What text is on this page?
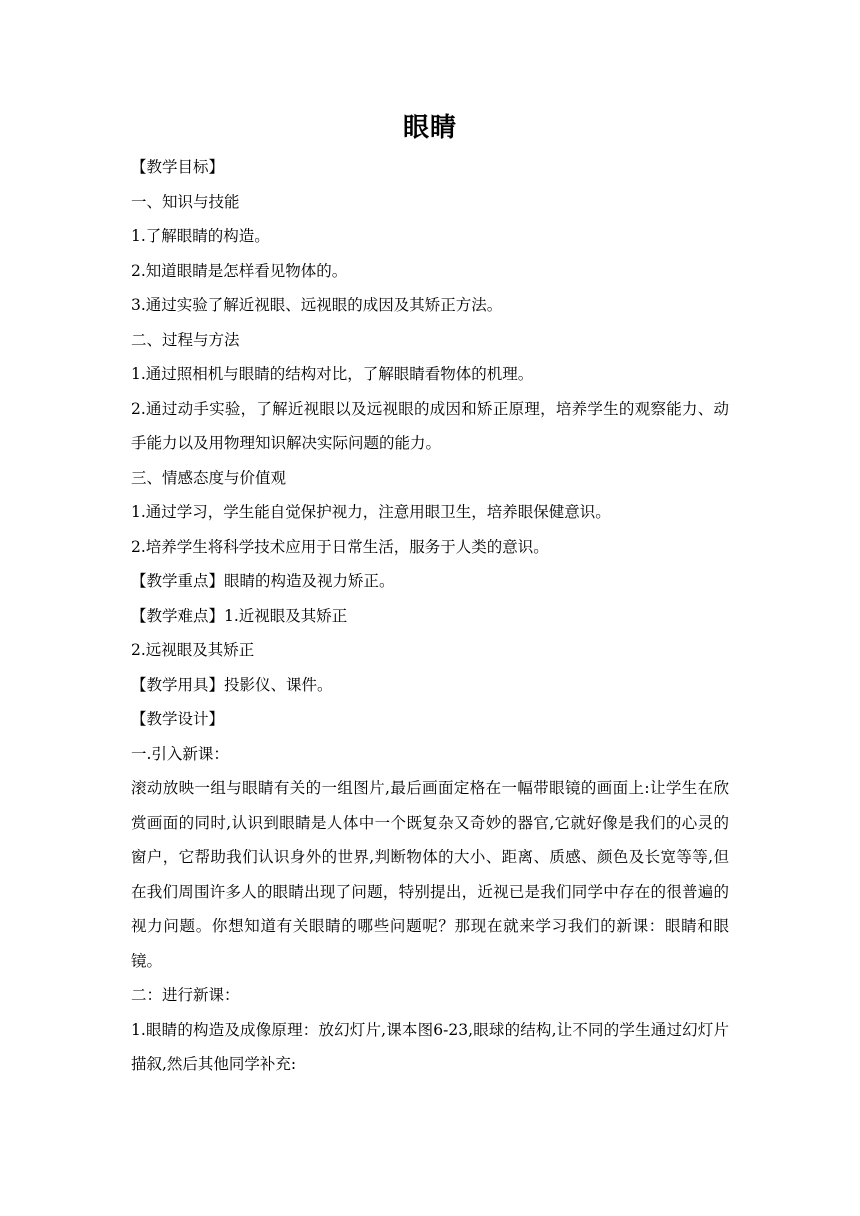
眼睛
【教学目标】
一、知识与技能
1.了解眼睛的构造。
2.知道眼睛是怎样看见物体的。
3.通过实验了解近视眼、远视眼的成因及其矫正方法。
二、过程与方法
1.通过照相机与眼睛的结构对比，了解眼睛看物体的机理。
2.通过动手实验，了解近视眼以及远视眼的成因和矫正原理，培养学生的观察能力、动手能力以及用物理知识解决实际问题的能力。
三、情感态度与价值观
1.通过学习，学生能自觉保护视力，注意用眼卫生，培养眼保健意识。
2.培养学生将科学技术应用于日常生活，服务于人类的意识。
【教学重点】眼睛的构造及视力矫正。
【教学难点】1.近视眼及其矫正
2.远视眼及其矫正
【教学用具】投影仪、课件。
【教学设计】
一.引入新课：
滚动放映一组与眼睛有关的一组图片,最后画面定格在一幅带眼镜的画面上:让学生在欣赏画面的同时,认识到眼睛是人体中一个既复杂又奇妙的器官,它就好像是我们的心灵的窗户，它帮助我们认识身外的世界,判断物体的大小、距离、质感、颜色及长宽等等,但在我们周围许多人的眼睛出现了问题，特别提出，近视已是我们同学中存在的很普遍的视力问题。你想知道有关眼睛的哪些问题呢？那现在就来学习我们的新课：眼睛和眼镜。
二：进行新课：
1.眼睛的构造及成像原理：放幻灯片,课本图6-23,眼球的结构,让不同的学生通过幻灯片描叙,然后其他同学补充:
